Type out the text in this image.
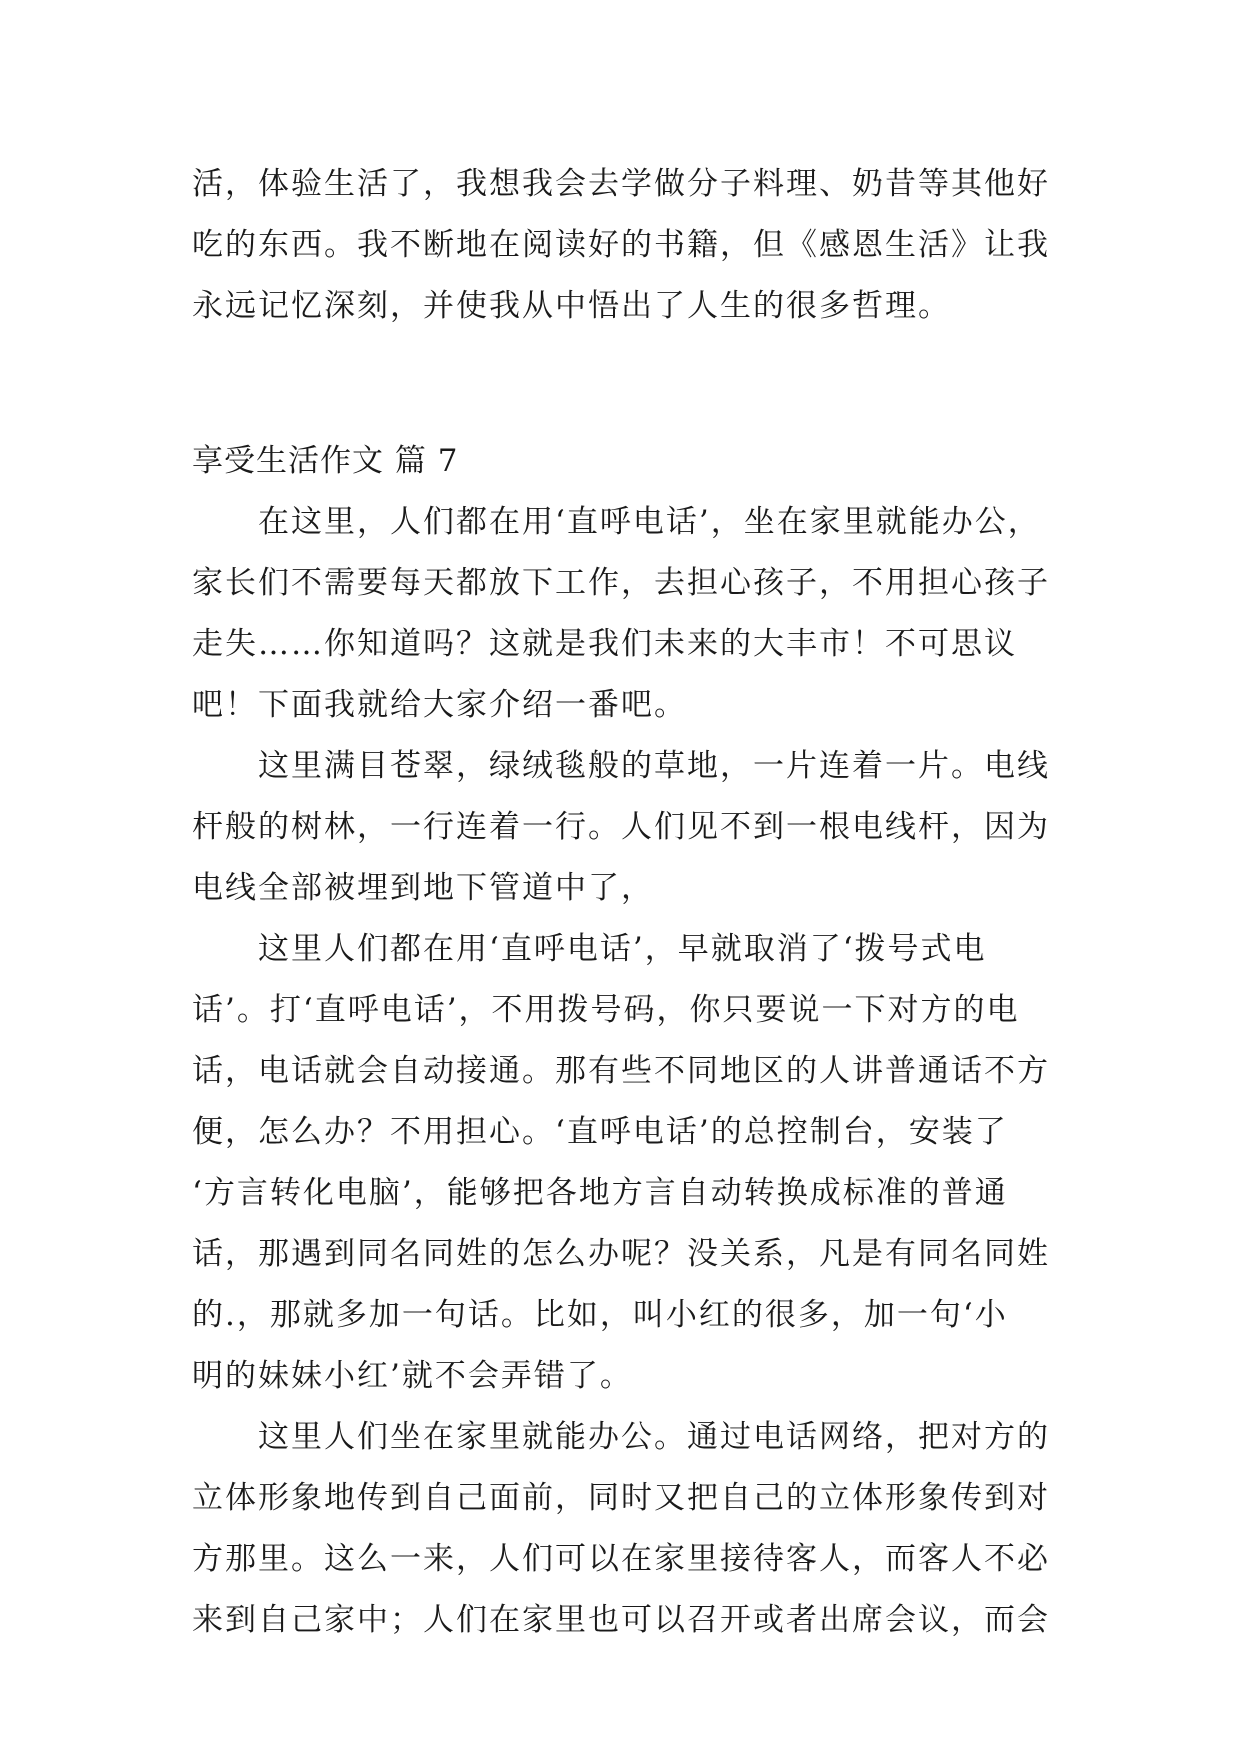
活，体验生活了，我想我会去学做分子料理、奶昔等其他好

吃的东西。我不断地在阅读好的书籍，但《感恩生活》让我

永远记忆深刻，并使我从中悟出了人生的很多哲理。

享受生活作文 篇 7

在这里，人们都在用‘直呼电话’，坐在家里就能办公，

家长们不需要每天都放下工作，去担心孩子，不用担心孩子

走失……你知道吗？这就是我们未来的大丰市！不可思议

吧！下面我就给大家介绍一番吧。

这里满目苍翠，绿绒毯般的草地，一片连着一片。电线

杆般的树林，一行连着一行。人们见不到一根电线杆，因为

电线全部被埋到地下管道中了，

这里人们都在用‘直呼电话’，早就取消了‘拨号式电

话’。打‘直呼电话’，不用拨号码，你只要说一下对方的电

话，电话就会自动接通。那有些不同地区的人讲普通话不方

便，怎么办？不用担心。‘直呼电话’的总控制台，安装了

‘方言转化电脑’，能够把各地方言自动转换成标准的普通

话，那遇到同名同姓的怎么办呢？没关系，凡是有同名同姓

的.，那就多加一句话。比如，叫小红的很多，加一句‘小

明的妹妹小红’就不会弄错了。

这里人们坐在家里就能办公。通过电话网络，把对方的

立体形象地传到自己面前，同时又把自己的立体形象传到对

方那里。这么一来，人们可以在家里接待客人，而客人不必

来到自己家中；人们在家里也可以召开或者出席会议，而会
